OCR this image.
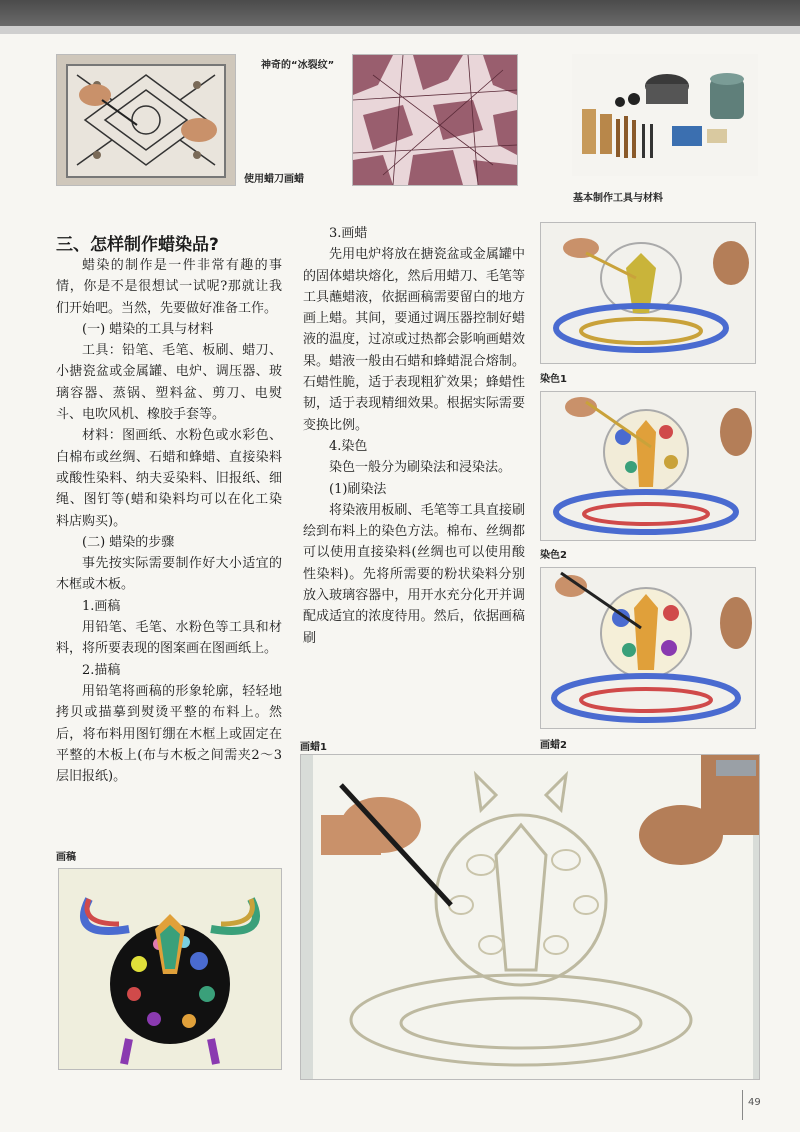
使用蜡刀画蜡
神奇的“冰裂纹”
基本制作工具与材料
三、怎样制作蜡染品?

蜡染的制作是一件非常有趣的事情，你是不是很想试一试呢?那就让我们开始吧。当然，先要做好准备工作。

(一) 蜡染的工具与材料

工具：铅笔、毛笔、板刷、蜡刀、小搪瓷盆或金属罐、电炉、调压器、玻璃容器、蒸锅、塑料盆、剪刀、电熨斗、电吹风机、橡胶手套等。

材料：图画纸、水粉色或水彩色、白棉布或丝绸、石蜡和蜂蜡、直接染料或酸性染料、纳夫妥染料、旧报纸、细绳、图钉等(蜡和染料均可以在化工染料店购买)。

(二) 蜡染的步骤

事先按实际需要制作好大小适宜的木框或木板。

1.画稿

用铅笔、毛笔、水粉色等工具和材料，将所要表现的图案画在图画纸上。

2.描稿

用铅笔将画稿的形象轮廓，轻轻地拷贝或描摹到熨烫平整的布料上。然后，将布料用图钉绷在木框上或固定在平整的木板上(布与木板之间需夹2～3层旧报纸)。

3.画蜡

先用电炉将放在搪瓷盆或金属罐中的固体蜡块熔化，然后用蜡刀、毛笔等工具蘸蜡液，依据画稿需要留白的地方画上蜡。其间，要通过调压器控制好蜡液的温度，过凉或过热都会影响画蜡效果。蜡液一般由石蜡和蜂蜡混合熔制。石蜡性脆，适于表现粗犷效果；蜂蜡性韧，适于表现精细效果。根据实际需要变换比例。

4.染色

染色一般分为刷染法和浸染法。

(1)刷染法

将染液用板刷、毛笔等工具直接刷绘到布料上的染色方法。棉布、丝绸都可以使用直接染料(丝绸也可以使用酸性染料)。先将所需要的粉状染料分别放入玻璃容器中，用开水充分化开并调配成适宜的浓度待用。然后，依据画稿刷

染色1
染色2
画蜡1	画蜡2
画稿
49
